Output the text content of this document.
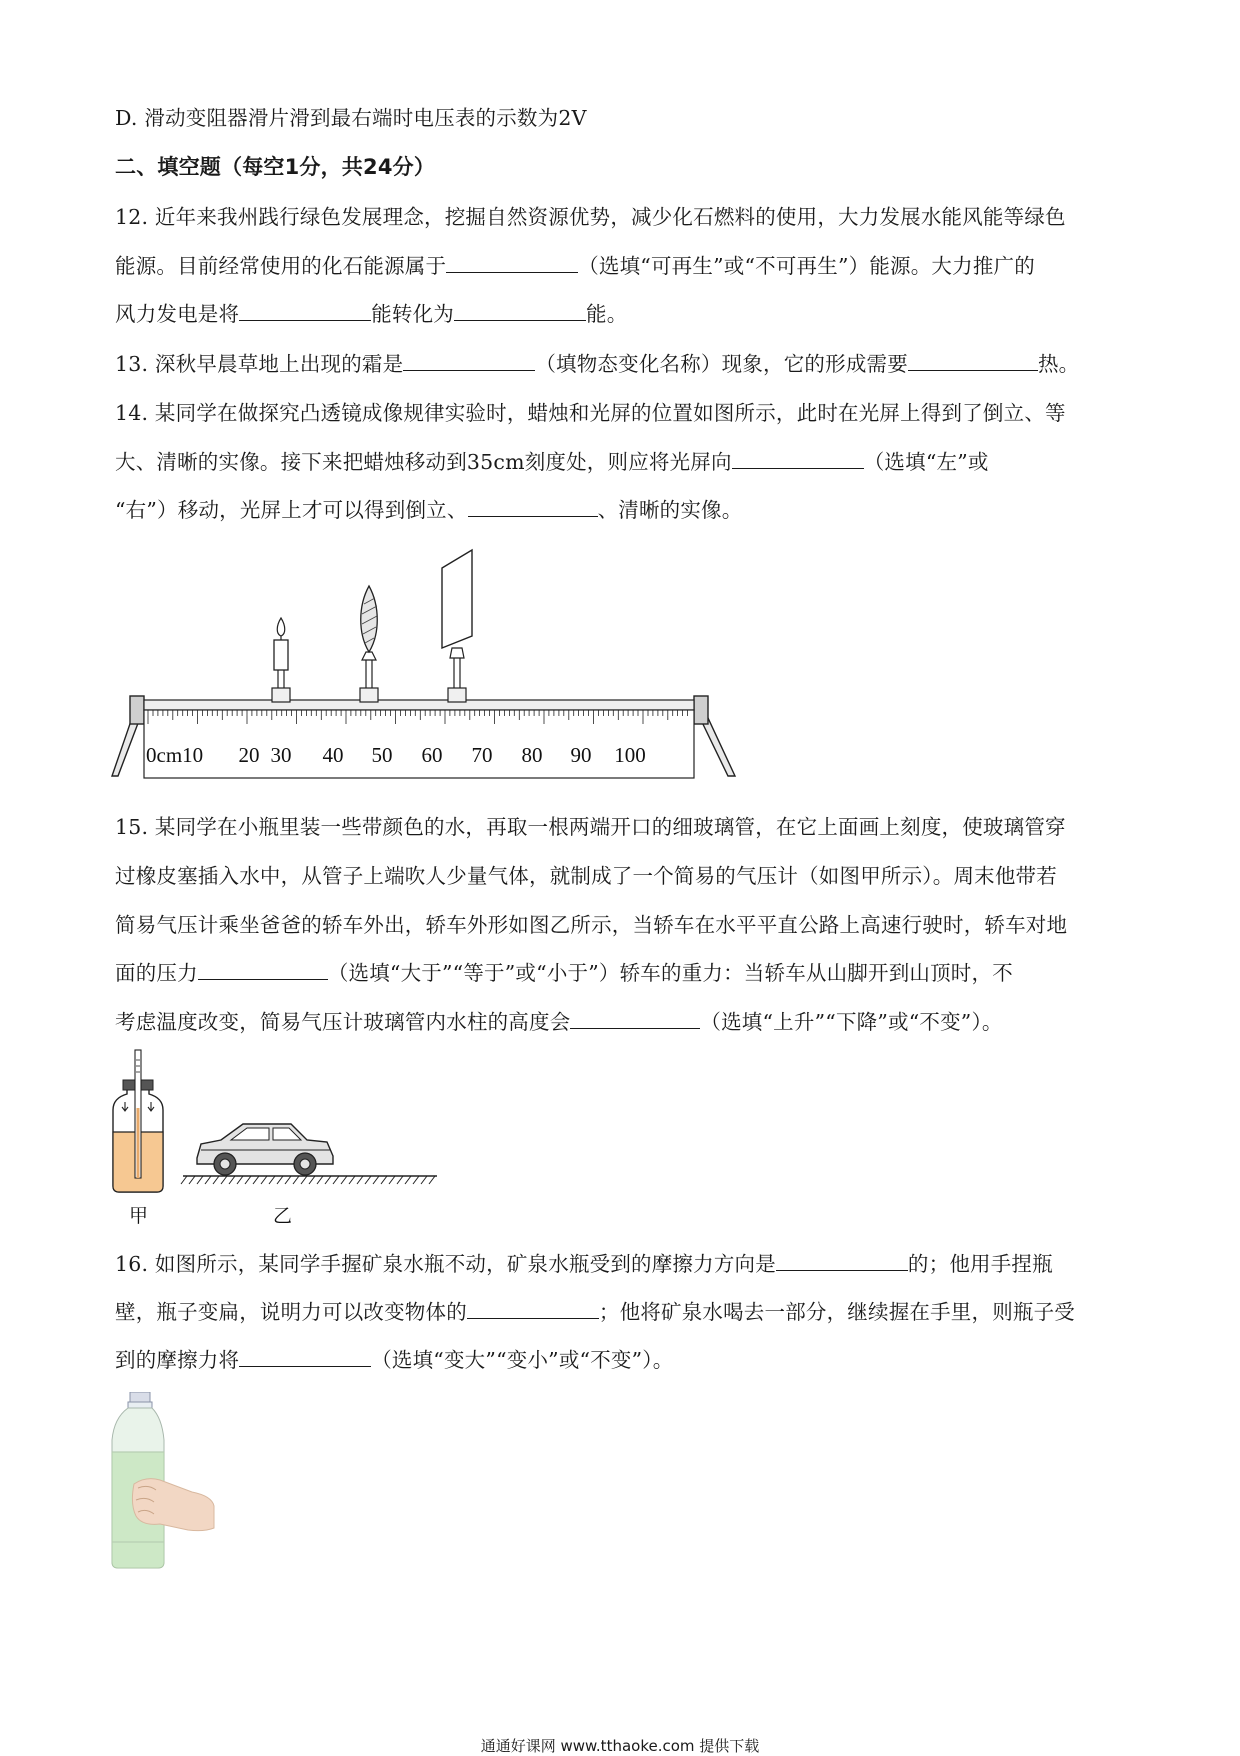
D. 滑动变阻器滑片滑到最右端时电压表的示数为2V
二、填空题（每空1分，共24分）
12. 近年来我州践行绿色发展理念，挖掘自然资源优势，减少化石燃料的使用，大力发展水能风能等绿色
能源。目前经常使用的化石能源属于	（选填“可再生”或“不可再生”）能源。大力推广的
风力发电是将	能转化为	能。
13. 深秋早晨草地上出现的霜是	（填物态变化名称）现象，它的形成需要	热。
14. 某同学在做探究凸透镜成像规律实验时，蜡烛和光屏的位置如图所示，此时在光屏上得到了倒立、等
大、清晰的实像。接下来把蜡烛移动到35cm刻度处，则应将光屏向	（选填“左”或
“右”）移动，光屏上才可以得到倒立、	、清晰的实像。
0cm10 20 30 40 50 60 70 80 90 100
15. 某同学在小瓶里装一些带颜色的水，再取一根两端开口的细玻璃管，在它上面画上刻度，使玻璃管穿
过橡皮塞插入水中，从管子上端吹人少量气体，就制成了一个简易的气压计（如图甲所示）。周末他带若
简易气压计乘坐爸爸的轿车外出，轿车外形如图乙所示，当轿车在水平平直公路上高速行驶时，轿车对地
面的压力	（选填“大于”“等于”或“小于”）轿车的重力：当轿车从山脚开到山顶时，不
考虑温度改变，简易气压计玻璃管内水柱的高度会	（选填“上升”“下降”或“不变”）。
甲	乙
16. 如图所示，某同学手握矿泉水瓶不动，矿泉水瓶受到的摩擦力方向是	的；他用手捏瓶
壁，瓶子变扁，说明力可以改变物体的	；他将矿泉水喝去一部分，继续握在手里，则瓶子受
到的摩擦力将	（选填“变大”“变小”或“不变”）。
通通好课网 www.tthaoke.com 提供下载
